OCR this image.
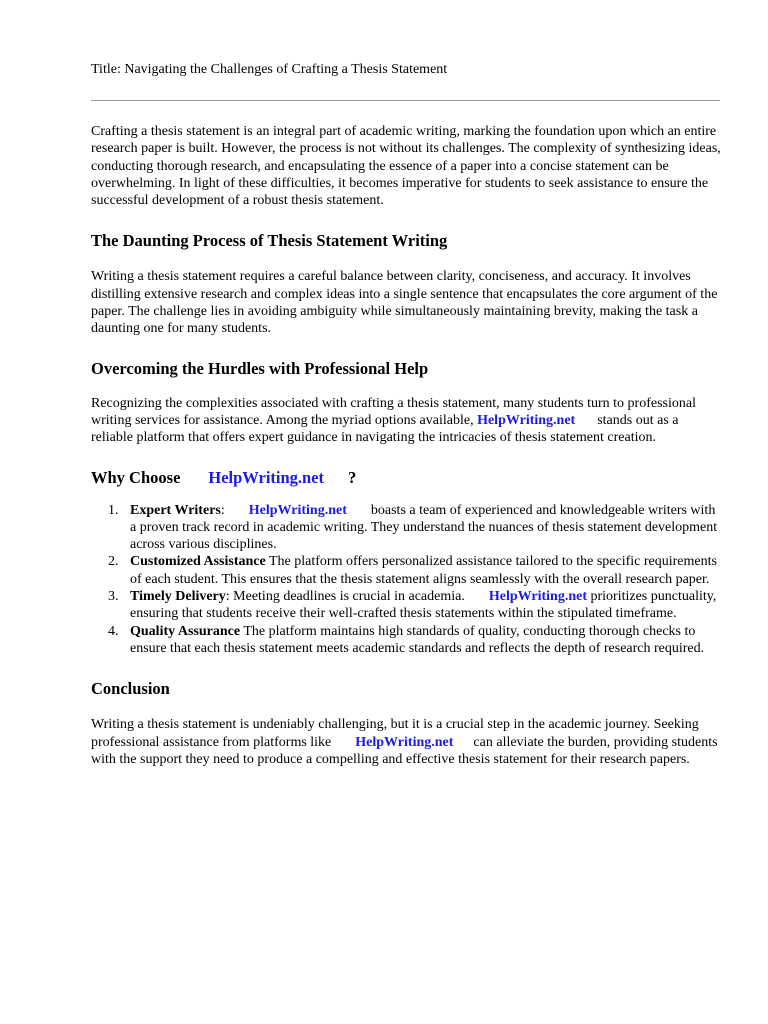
Title: Navigating the Challenges of Crafting a Thesis Statement

Crafting a thesis statement is an integral part of academic writing, marking the foundation upon which an entire research paper is built. However, the process is not without its challenges. The complexity of synthesizing ideas, conducting thorough research, and encapsulating the essence of a paper into a concise statement can be overwhelming. In light of these difficulties, it becomes imperative for students to seek assistance to ensure the successful development of a robust thesis statement.

The Daunting Process of Thesis Statement Writing

Writing a thesis statement requires a careful balance between clarity, conciseness, and accuracy. It involves distilling extensive research and complex ideas into a single sentence that encapsulates the core argument of the paper. The challenge lies in avoiding ambiguity while simultaneously maintaining brevity, making the task a daunting one for many students.

Overcoming the Hurdles with Professional Help

Recognizing the complexities associated with crafting a thesis statement, many students turn to professional writing services for assistance. Among the myriad options available, HelpWriting.net stands out as a reliable platform that offers expert guidance in navigating the intricacies of thesis statement creation.

Why Choose HelpWriting.net ?
1. Expert Writers: HelpWriting.net boasts a team of experienced and knowledgeable writers with a proven track record in academic writing. They understand the nuances of thesis statement development across various disciplines.
2. Customized Assistance The platform offers personalized assistance tailored to the specific requirements of each student. This ensures that the thesis statement aligns seamlessly with the overall research paper.
3. Timely Delivery: Meeting deadlines is crucial in academia. HelpWriting.net prioritizes punctuality, ensuring that students receive their well-crafted thesis statements within the stipulated timeframe.
4. Quality Assurance The platform maintains high standards of quality, conducting thorough checks to ensure that each thesis statement meets academic standards and reflects the depth of research required.
Conclusion

Writing a thesis statement is undeniably challenging, but it is a crucial step in the academic journey. Seeking professional assistance from platforms like HelpWriting.net can alleviate the burden, providing students with the support they need to produce a compelling and effective thesis statement for their research papers.
